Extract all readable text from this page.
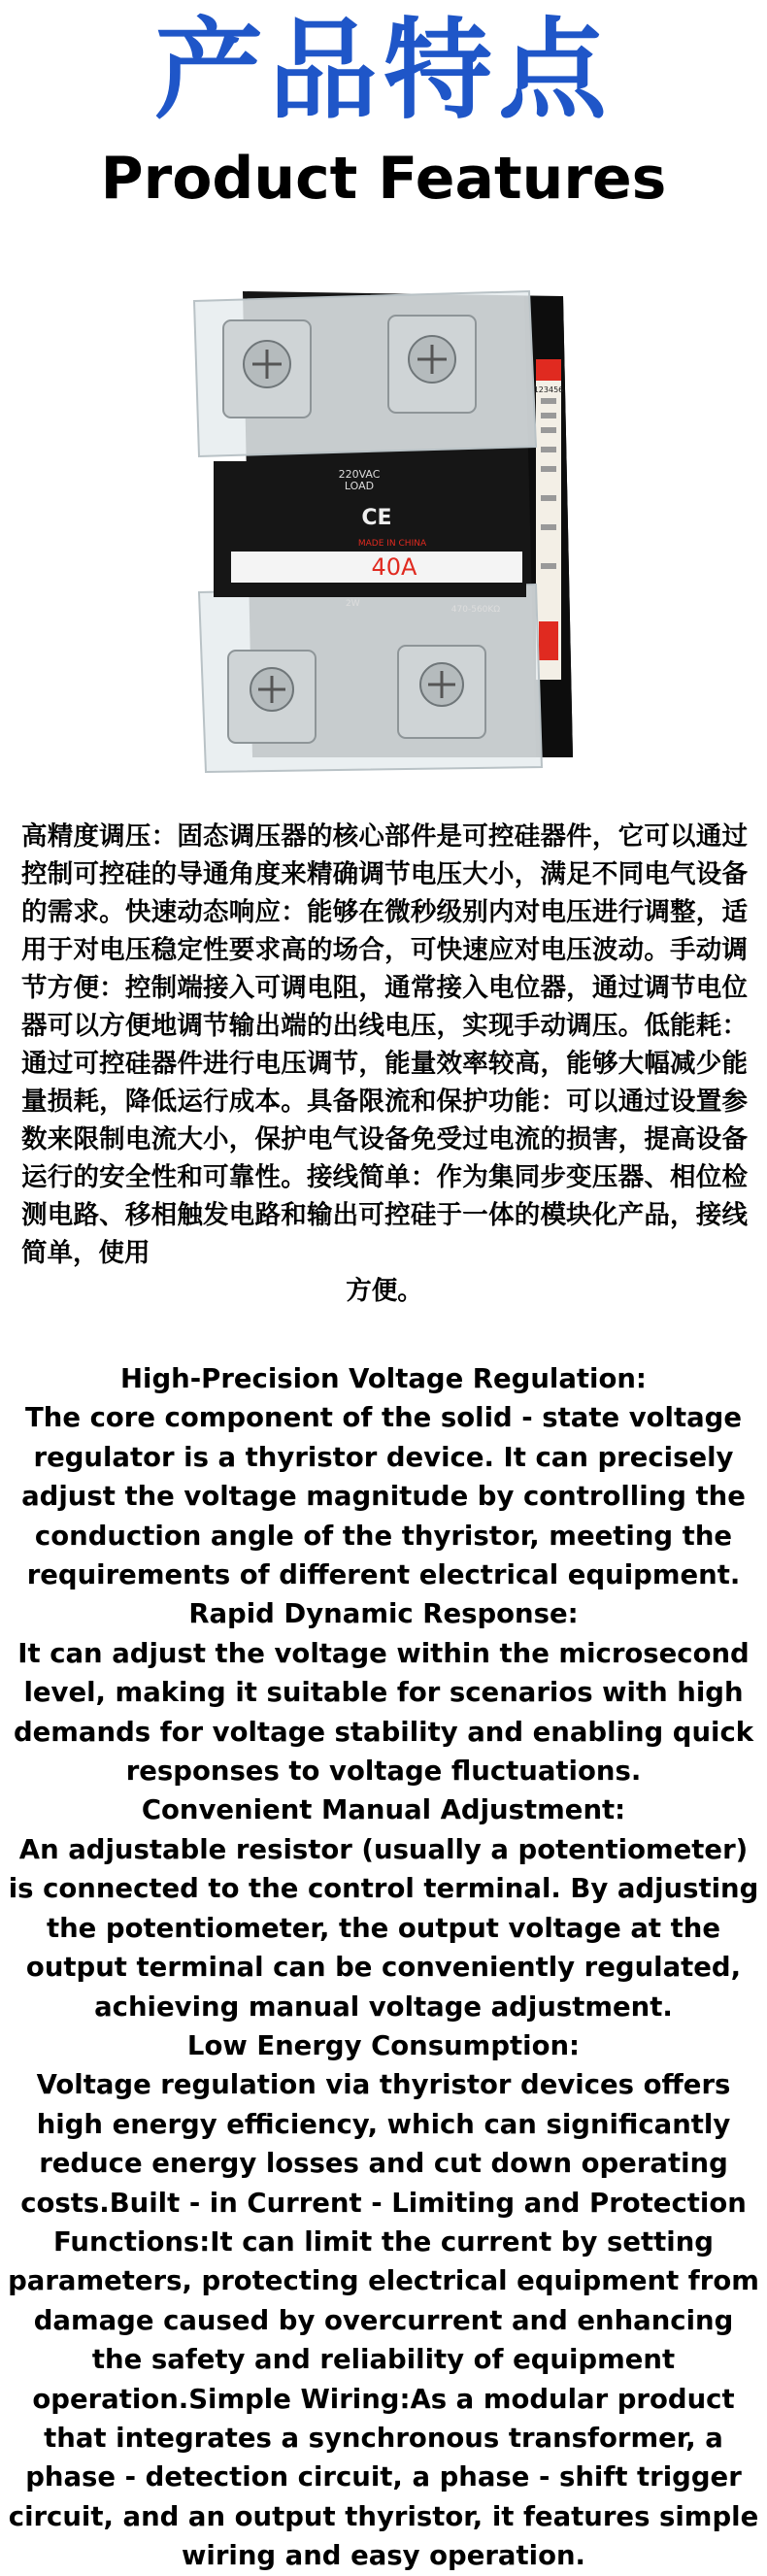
产品特点
Product Features
123456
220VAC
LOAD
CE
MADE IN CHINA
40A
2W
470-560KΩ
高精度调压：固态调压器的核心部件是可控硅器件，它可以通过控制可控硅的导通角度来精确调节电压大小，满足不同电气设备的需求。快速动态响应：能够在微秒级别内对电压进行调整，适用于对电压稳定性要求高的场合，可快速应对电压波动。手动调节方便：控制端接入可调电阻，通常接入电位器，通过调节电位器可以方便地调节输出端的出线电压，实现手动调压。低能耗：通过可控硅器件进行电压调节，能量效率较高，能够大幅减少能量损耗，降低运行成本。具备限流和保护功能：可以通过设置参数来限制电流大小，保护电气设备免受过电流的损害，提高设备运行的安全性和可靠性。接线简单：作为集同步变压器、相位检测电路、移相触发电路和输出可控硅于一体的模块化产品，接线简单，使用
方便。
High-Precision Voltage Regulation:
The core component of the solid - state voltage regulator is a thyristor device. It can precisely adjust the voltage magnitude by controlling the conduction angle of the thyristor, meeting the requirements of different electrical equipment.
Rapid Dynamic Response:
It can adjust the voltage within the microsecond level, making it suitable for scenarios with high demands for voltage stability and enabling quick responses to voltage fluctuations.
Convenient Manual Adjustment:
An adjustable resistor (usually a potentiometer) is connected to the control terminal. By adjusting the potentiometer, the output voltage at the output terminal can be conveniently regulated, achieving manual voltage adjustment.
Low Energy Consumption:
Voltage regulation via thyristor devices offers high energy efficiency, which can significantly reduce energy losses and cut down operating costs.Built - in Current - Limiting and Protection Functions:It can limit the current by setting parameters, protecting electrical equipment from damage caused by overcurrent and enhancing the safety and reliability of equipment operation.Simple Wiring:As a modular product that integrates a synchronous transformer, a phase - detection circuit, a phase - shift trigger circuit, and an output thyristor, it features simple wiring and easy operation.
